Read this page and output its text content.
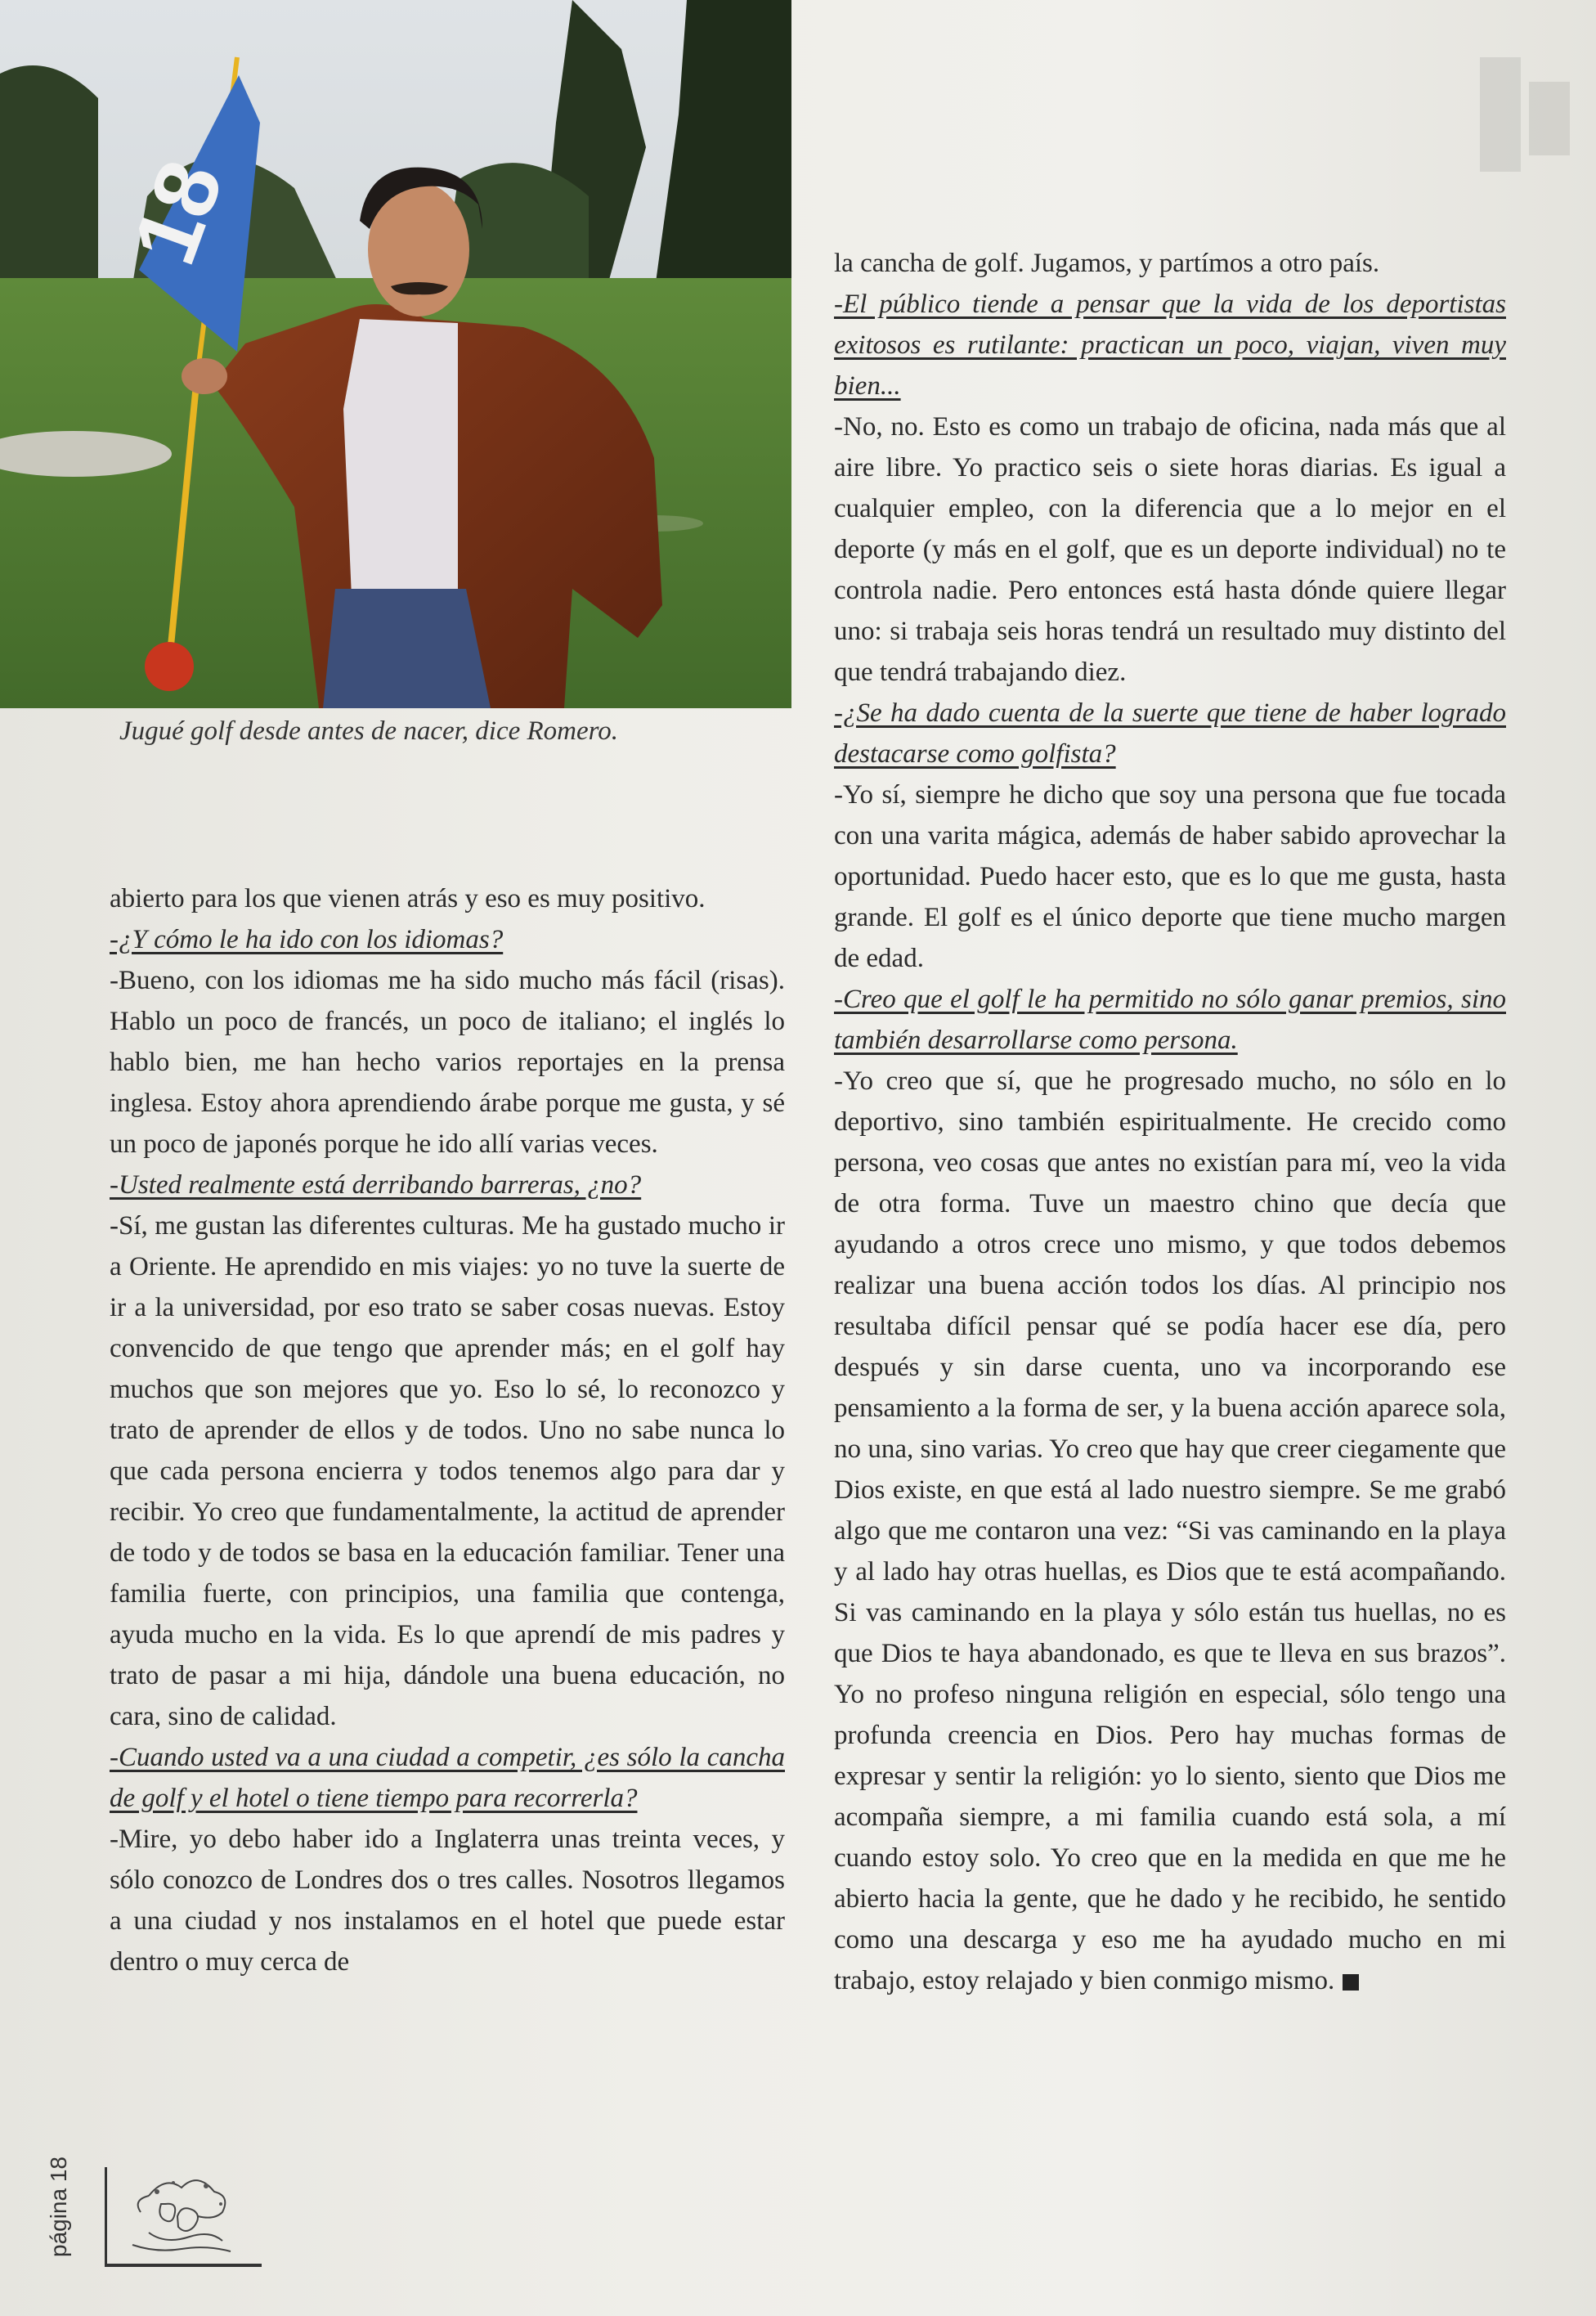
18
Jugué golf desde antes de nacer, dice Romero.

abierto para los que vienen atrás y eso es muy positivo.

-¿Y cómo le ha ido con los idiomas?

-Bueno, con los idiomas me ha sido mucho más fácil (risas). Hablo un poco de francés, un poco de italiano; el inglés lo hablo bien, me han hecho varios reportajes en la prensa inglesa. Estoy ahora aprendiendo árabe porque me gusta, y sé un poco de japonés porque he ido allí varias veces.

-Usted realmente está derribando barreras, ¿no?

-Sí, me gustan las diferentes culturas. Me ha gustado mucho ir a Oriente. He aprendido en mis viajes: yo no tuve la suerte de ir a la universidad, por eso trato se saber cosas nuevas. Estoy convencido de que tengo que aprender más; en el golf hay muchos que son mejores que yo. Eso lo sé, lo reconozco y trato de aprender de ellos y de todos. Uno no sabe nunca lo que cada persona encierra y todos tenemos algo para dar y recibir. Yo creo que fundamentalmente, la actitud de aprender de todo y de todos se basa en la educación familiar. Tener una familia fuerte, con principios, una familia que contenga, ayuda mucho en la vida. Es lo que aprendí de mis padres y trato de pasar a mi hija, dándole una buena educación, no cara, sino de calidad.

-Cuando usted va a una ciudad a competir, ¿es sólo la cancha de golf y el hotel o tiene tiempo para recorrerla?

-Mire, yo debo haber ido a Inglaterra unas treinta veces, y sólo conozco de Londres dos o tres calles. Nosotros llegamos a una ciudad y nos instalamos en el hotel que puede estar dentro o muy cerca de

la cancha de golf. Jugamos, y partímos a otro país.

-El público tiende a pensar que la vida de los deportistas exitosos es rutilante: practican un poco, viajan, viven muy bien...

-No, no. Esto es como un trabajo de oficina, nada más que al aire libre. Yo practico seis o siete horas diarias. Es igual a cualquier empleo, con la diferencia que a lo mejor en el deporte (y más en el golf, que es un deporte individual) no te controla nadie. Pero entonces está hasta dónde quiere llegar uno: si trabaja seis horas tendrá un resultado muy distinto del que tendrá trabajando diez.

-¿Se ha dado cuenta de la suerte que tiene de haber logrado destacarse como golfista?

-Yo sí, siempre he dicho que soy una persona que fue tocada con una varita mágica, además de haber sabido aprovechar la oportunidad. Puedo hacer esto, que es lo que me gusta, hasta grande. El golf es el único deporte que tiene mucho margen de edad.

-Creo que el golf le ha permitido no sólo ganar premios, sino también desarrollarse como persona.

-Yo creo que sí, que he progresado mucho, no sólo en lo deportivo, sino también espiritualmente. He crecido como persona, veo cosas que antes no existían para mí, veo la vida de otra forma. Tuve un maestro chino que decía que ayudando a otros crece uno mismo, y que todos debemos realizar una buena acción todos los días. Al principio nos resultaba difícil pensar qué se podía hacer ese día, pero después y sin darse cuenta, uno va incorporando ese pensamiento a la forma de ser, y la buena acción aparece sola, no una, sino varias. Yo creo que hay que creer ciegamente que Dios existe, en que está al lado nuestro siempre. Se me grabó algo que me contaron una vez: “Si vas caminando en la playa y al lado hay otras huellas, es Dios que te está acompañando. Si vas caminando en la playa y sólo están tus huellas, no es que Dios te haya abandonado, es que te lleva en sus brazos”. Yo no profeso ninguna religión en especial, sólo tengo una profunda creencia en Dios. Pero hay muchas formas de expresar y sentir la religión: yo lo siento, siento que Dios me acompaña siempre, a mi familia cuando está sola, a mí cuando estoy solo. Yo creo que en la medida en que me he abierto hacia la gente, que he dado y he recibido, he sentido como una descarga y eso me ha ayudado mucho en mi trabajo, estoy relajado y bien conmigo mismo.

página 18
